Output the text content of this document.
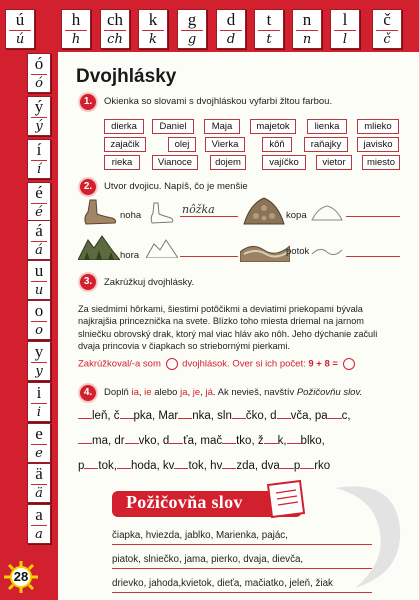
ú
ú
h
h
ch
ch
k
k
g
g
d
d
t
t
n
n
l
l
č
č
ó
ó
ý
ý
í
í
é
é
á
á
u
u
o
o
y
y
i
i
e
e
ä
ä
a
a
28
Dvojhlásky
1.	Okienka so slovami s dvojhláskou vyfarbi žltou farbou.
dierka	Daniel	Maja	majetok	lienka	mlieko
zajačik	olej	Vierka	kôň	raňajky	javisko
rieka	Vianoce	dojem	vajíčko	vietor	miesto
2.	Utvor dvojicu. Napíš, čo je menšie
noha	nôžka	kopa
hora	potok
3.	Zakrúžkuj dvojhlásky.
Za siedmimi hôrkami, šiestimi potôčikmi a deviatimi priekopami bývala najkrajšia princeznička na svete. Blízko toho miesta driemal na jarnom slniečku obrovský drak, ktorý mal viac hláv ako nôh. Jeho dýchanie začuli dvaja princovia v čiapkach so striebornými pierkami.
Zakrúžkoval/-a som dvojhlások. Over si ich počet: 9 + 8 =
4.	Doplň ia, ie alebo ja, je, já. Ak nevieš, navštív Požičovňu slov.
leň, č pka, Mar nka, sln čko, d vča, pa c,
ma, dr vko, d ťa, mač tko, ž k, blko,
p tok, hoda, kv tok, hv zda, dva p rko
Požičovňa slov
čiapka, hviezda, jablko, Marienka, pajác,
piatok, slniečko, jama, pierko, dvaja, dievča,
drievko, jahoda,kvietok, dieťa, mačiatko, jeleň, žiak
